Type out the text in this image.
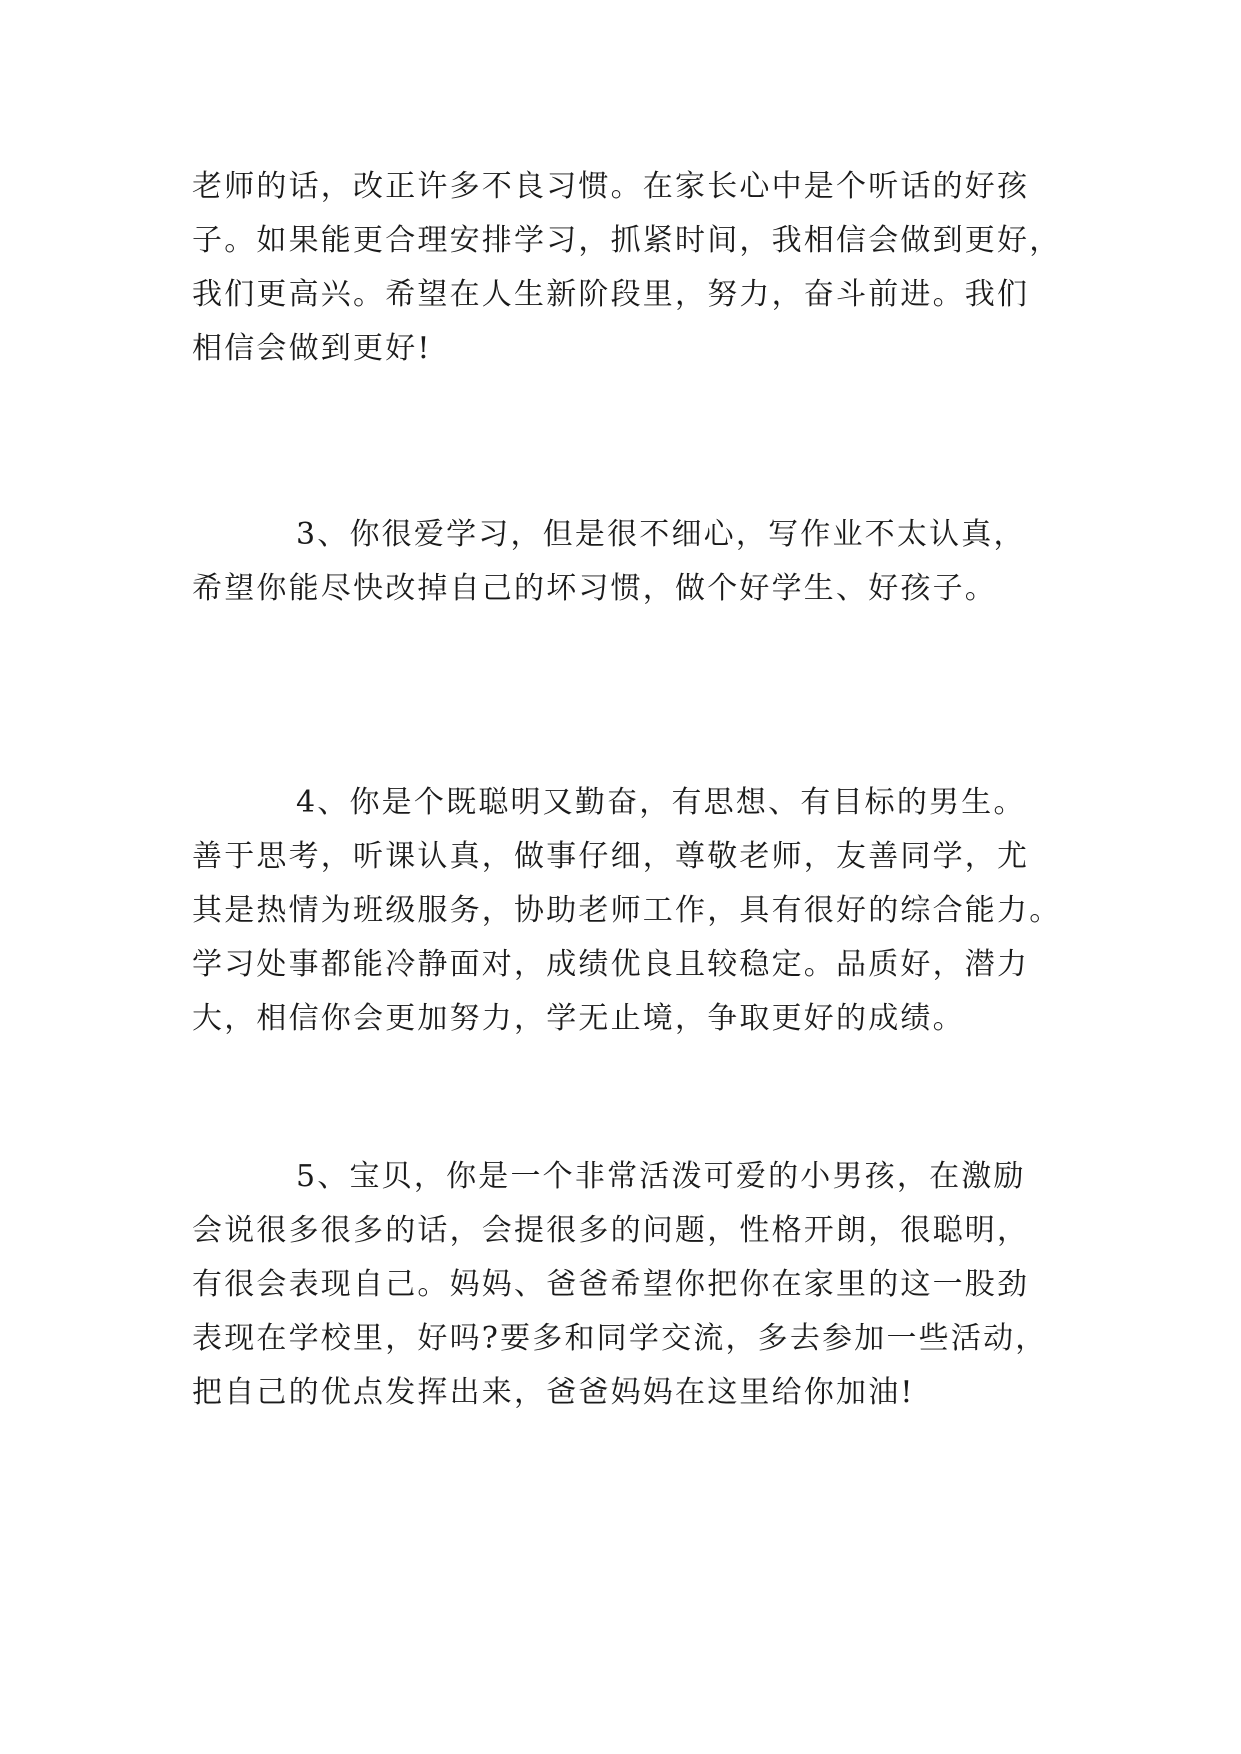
老师的话，改正许多不良习惯。在家长心中是个听话的好孩
子。如果能更合理安排学习，抓紧时间，我相信会做到更好，
我们更高兴。希望在人生新阶段里，努力，奋斗前进。我们
相信会做到更好!
3、你很爱学习，但是很不细心，写作业不太认真，
希望你能尽快改掉自己的坏习惯，做个好学生、好孩子。
4、你是个既聪明又勤奋，有思想、有目标的男生。
善于思考，听课认真，做事仔细，尊敬老师，友善同学，尤
其是热情为班级服务，协助老师工作，具有很好的综合能力。
学习处事都能冷静面对，成绩优良且较稳定。品质好，潜力
大，相信你会更加努力，学无止境，争取更好的成绩。
5、宝贝，你是一个非常活泼可爱的小男孩，在激励
会说很多很多的话，会提很多的问题，性格开朗，很聪明，
有很会表现自己。妈妈、爸爸希望你把你在家里的这一股劲
表现在学校里，好吗?要多和同学交流，多去参加一些活动，
把自己的优点发挥出来，爸爸妈妈在这里给你加油!
